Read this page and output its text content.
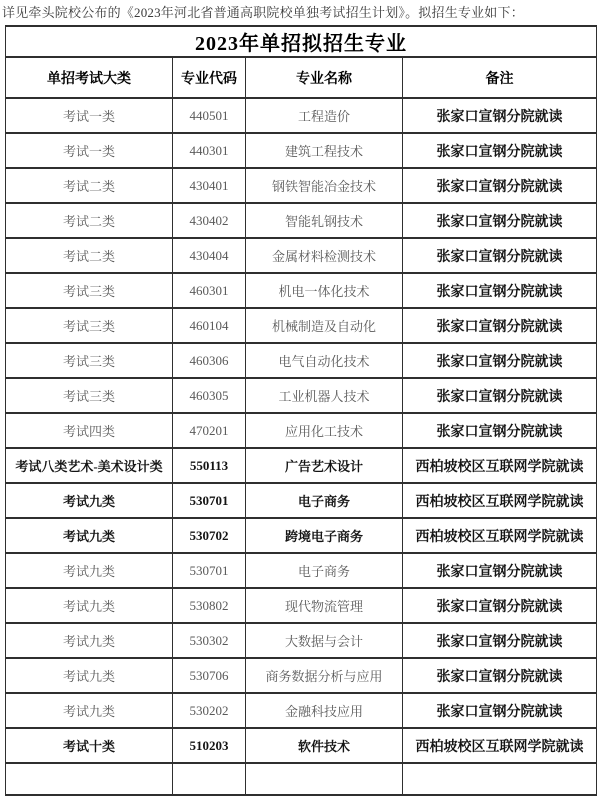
详见牵头院校公布的《2023年河北省普通高职院校单独考试招生计划》。拟招生专业如下：

2023年单招拟招生专业			
单招考试大类	专业代码	专业名称	备注
考试一类	440501	工程造价	张家口宣钢分院就读
考试一类	440301	建筑工程技术	张家口宣钢分院就读
考试二类	430401	钢铁智能冶金技术	张家口宣钢分院就读
考试二类	430402	智能轧钢技术	张家口宣钢分院就读
考试二类	430404	金属材料检测技术	张家口宣钢分院就读
考试三类	460301	机电一体化技术	张家口宣钢分院就读
考试三类	460104	机械制造及自动化	张家口宣钢分院就读
考试三类	460306	电气自动化技术	张家口宣钢分院就读
考试三类	460305	工业机器人技术	张家口宣钢分院就读
考试四类	470201	应用化工技术	张家口宣钢分院就读
考试八类艺术-美术设计类	550113	广告艺术设计	西柏坡校区互联网学院就读
考试九类	530701	电子商务	西柏坡校区互联网学院就读
考试九类	530702	跨境电子商务	西柏坡校区互联网学院就读
考试九类	530701	电子商务	张家口宣钢分院就读
考试九类	530802	现代物流管理	张家口宣钢分院就读
考试九类	530302	大数据与会计	张家口宣钢分院就读
考试九类	530706	商务数据分析与应用	张家口宣钢分院就读
考试九类	530202	金融科技应用	张家口宣钢分院就读
考试十类	510203	软件技术	西柏坡校区互联网学院就读
